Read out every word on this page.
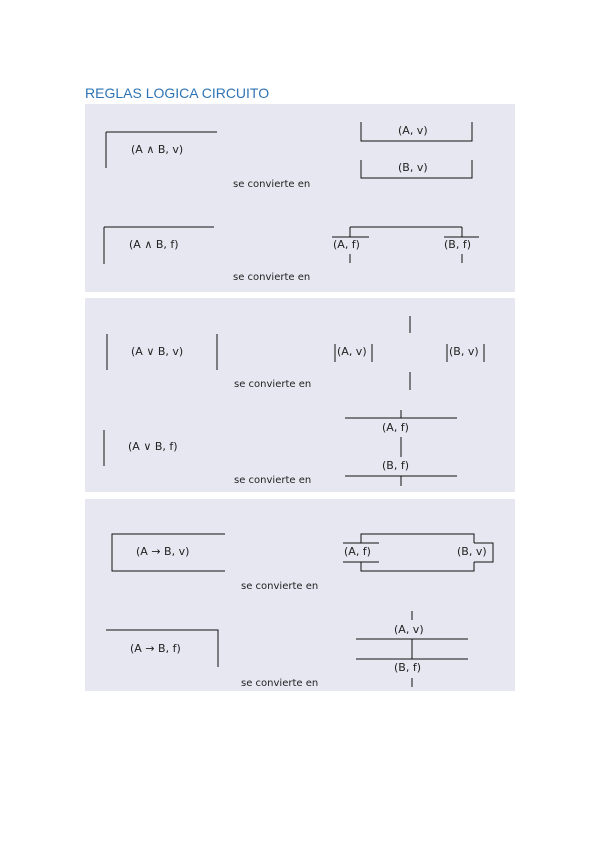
REGLAS LOGICA CIRCUITO
(A ∧ B, v)
(A, v)
(B, v)
se convierte en
(A ∧ B, f)	(A, f)	(B, f)
se convierte en
(A ∨ B, v)	(A, v)	(B, v)
se convierte en
(A ∨ B, f)
(A, f)
(B, f)
se convierte en
(A → B, v)	(A, f)	(B, v)
se convierte en
(A → B, f)
(A, v)
(B, f)
se convierte en
